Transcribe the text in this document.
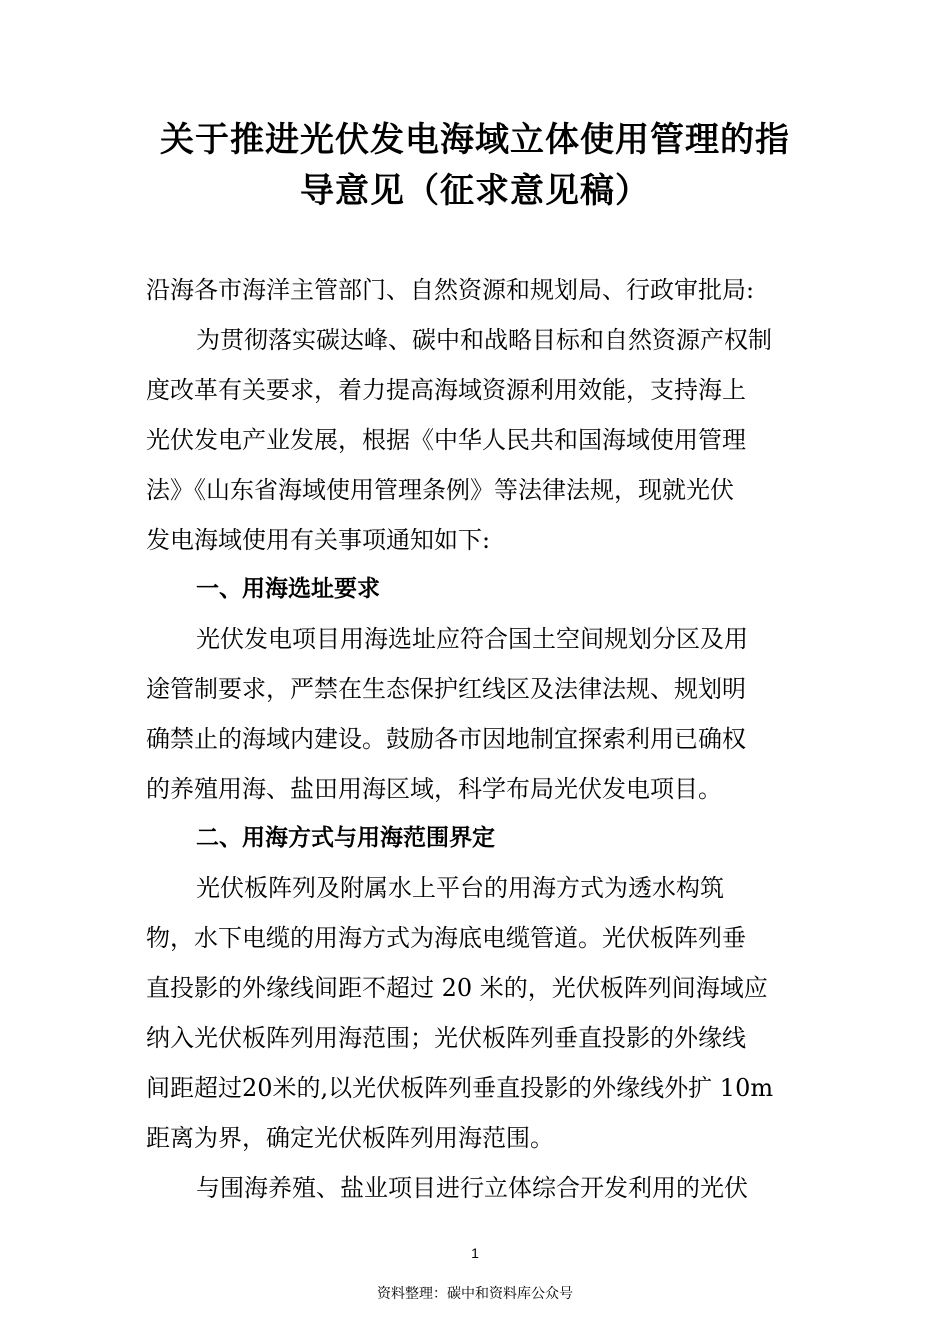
关于推进光伏发电海域立体使用管理的指
导意见（征求意见稿）
沿海各市海洋主管部门、自然资源和规划局、行政审批局:
为贯彻落实碳达峰、碳中和战略目标和自然资源产权制
度改革有关要求，着力提高海域资源利用效能，支持海上
光伏发电产业发展，根据《中华人民共和国海域使用管理
法》《山东省海域使用管理条例》等法律法规，现就光伏
发电海域使用有关事项通知如下:
一、用海选址要求
光伏发电项目用海选址应符合国土空间规划分区及用
途管制要求，严禁在生态保护红线区及法律法规、规划明
确禁止的海域内建设。鼓励各市因地制宜探索利用已确权
的养殖用海、盐田用海区域，科学布局光伏发电项目。
二、用海方式与用海范围界定
光伏板阵列及附属水上平台的用海方式为透水构筑
物，水下电缆的用海方式为海底电缆管道。光伏板阵列垂
直投影的外缘线间距不超过 20 米的，光伏板阵列间海域应
纳入光伏板阵列用海范围；光伏板阵列垂直投影的外缘线
间距超过20米的,以光伏板阵列垂直投影的外缘线外扩 10m
距离为界，确定光伏板阵列用海范围。
与围海养殖、盐业项目进行立体综合开发利用的光伏
1
资料整理：碳中和资料库公众号
